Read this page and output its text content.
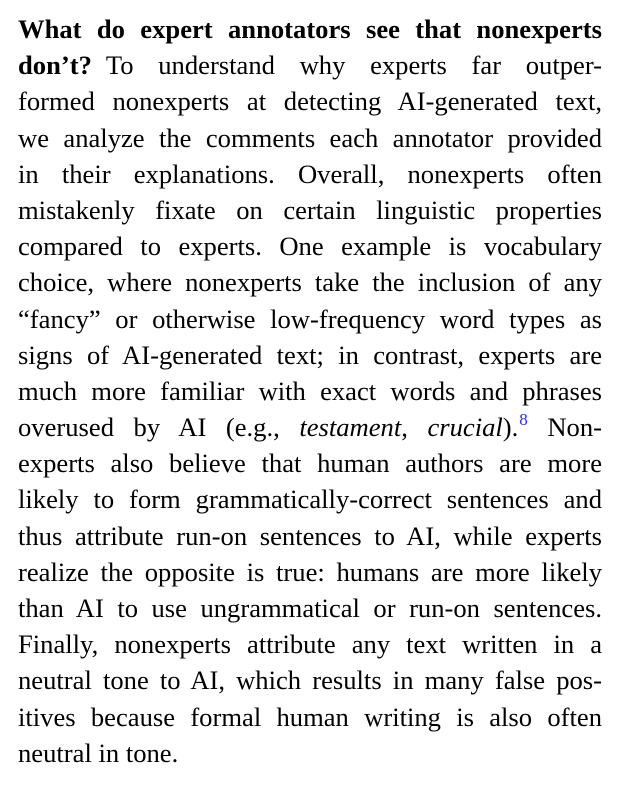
What do expert annotators see that nonexperts
don’t? To understand why experts far outper-
formed nonexperts at detecting AI-generated text,
we analyze the comments each annotator provided
in their explanations. Overall, nonexperts often
mistakenly fixate on certain linguistic properties
compared to experts. One example is vocabulary
choice, where nonexperts take the inclusion of any
“fancy” or otherwise low-frequency word types as
signs of AI-generated text; in contrast, experts are
much more familiar with exact words and phrases
overused by AI (e.g., testament, crucial).$^8$ Non-
experts also believe that human authors are more
likely to form grammatically-correct sentences and
thus attribute run-on sentences to AI, while experts
realize the opposite is true: humans are more likely
than AI to use ungrammatical or run-on sentences.
Finally, nonexperts attribute any text written in a
neutral tone to AI, which results in many false pos-
itives because formal human writing is also often
neutral in tone.
